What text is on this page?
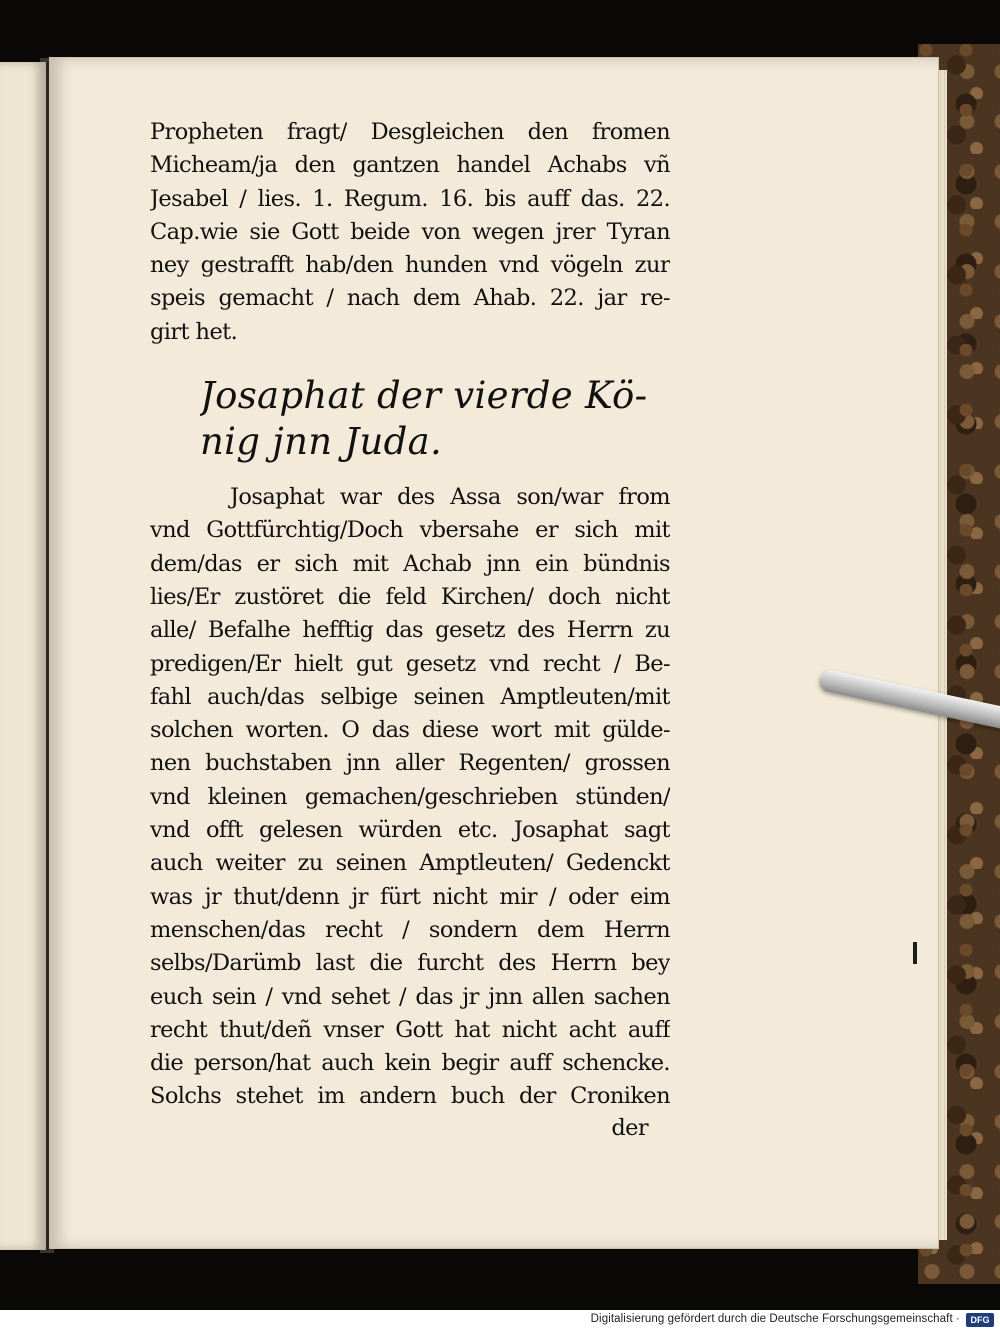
Propheten fragt/ Desgleichen den fromen
Micheam/ja den gantzen handel Achabs vñ
Jesabel / lies. 1. Regum. 16. bis auff das. 22.
Cap.wie sie Gott beide von wegen jrer Tyran
ney gestrafft hab/den hunden vnd vögeln zur
speis gemacht / nach dem Ahab. 22. jar re-
girt het.
Josaphat der vierde Kö-
nig jnn Juda.
Josaphat war des Assa son/war from
vnd Gottfürchtig/Doch vbersahe er sich mit
dem/das er sich mit Achab jnn ein bündnis
lies/Er zustöret die feld Kirchen/ doch nicht
alle/ Befalhe hefftig das gesetz des Herrn zu
predigen/Er hielt gut gesetz vnd recht / Be-
fahl auch/das selbige seinen Amptleuten/mit
solchen worten. O das diese wort mit gülde-
nen buchstaben jnn aller Regenten/ grossen
vnd kleinen gemachen/geschrieben stünden/
vnd offt gelesen würden etc. Josaphat sagt
auch weiter zu seinen Amptleuten/ Gedenckt
was jr thut/denn jr fürt nicht mir / oder eim
menschen/das recht / sondern dem Herrn
selbs/Darümb last die furcht des Herrn bey
euch sein / vnd sehet / das jr jnn allen sachen
recht thut/deñ vnser Gott hat nicht acht auff
die person/hat auch kein begir auff schencke.
Solchs stehet im andern buch der Croniken
der
Digitalisierung gefördert durch die Deutsche Forschungsgemeinschaft ·	DFG
